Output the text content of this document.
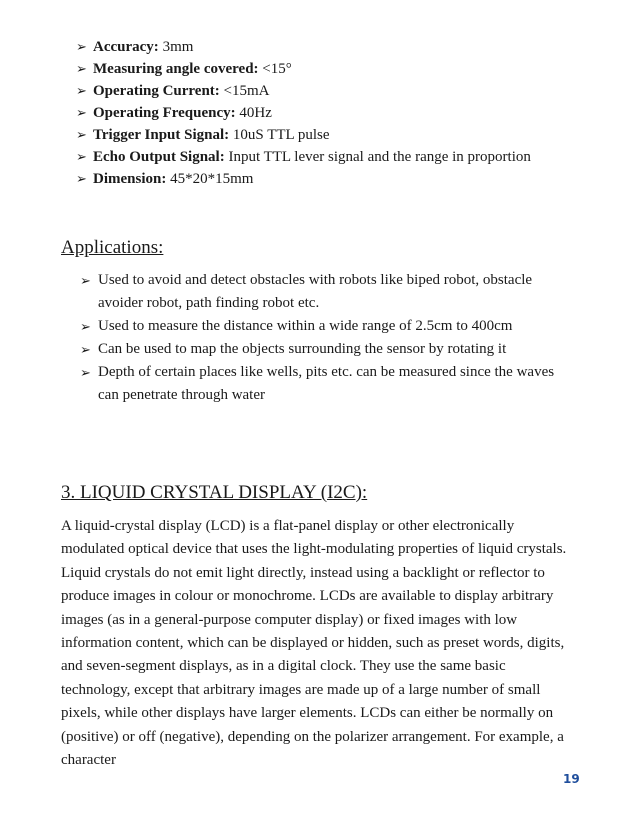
➢ Accuracy: 3mm
➢ Measuring angle covered: <15°
➢ Operating Current: <15mA
➢ Operating Frequency: 40Hz
➢ Trigger Input Signal: 10uS TTL pulse
➢ Echo Output Signal: Input TTL lever signal and the range in proportion
➢ Dimension: 45*20*15mm
Applications:
➢ Used to avoid and detect obstacles with robots like biped robot, obstacle avoider robot, path finding robot etc.
➢ Used to measure the distance within a wide range of 2.5cm to 400cm
➢ Can be used to map the objects surrounding the sensor by rotating it
➢ Depth of certain places like wells, pits etc. can be measured since the waves can penetrate through water
3. LIQUID CRYSTAL DISPLAY (I2C):

A liquid-crystal display (LCD) is a flat-panel display or other electronically modulated optical device that uses the light-modulating properties of liquid crystals. Liquid crystals do not emit light directly, instead using a backlight or reflector to produce images in colour or monochrome. LCDs are available to display arbitrary images (as in a general-purpose computer display) or fixed images with low information content, which can be displayed or hidden, such as preset words, digits, and seven-segment displays, as in a digital clock. They use the same basic technology, except that arbitrary images are made up of a large number of small pixels, while other displays have larger elements. LCDs can either be normally on (positive) or off (negative), depending on the polarizer arrangement. For example, a character

19
